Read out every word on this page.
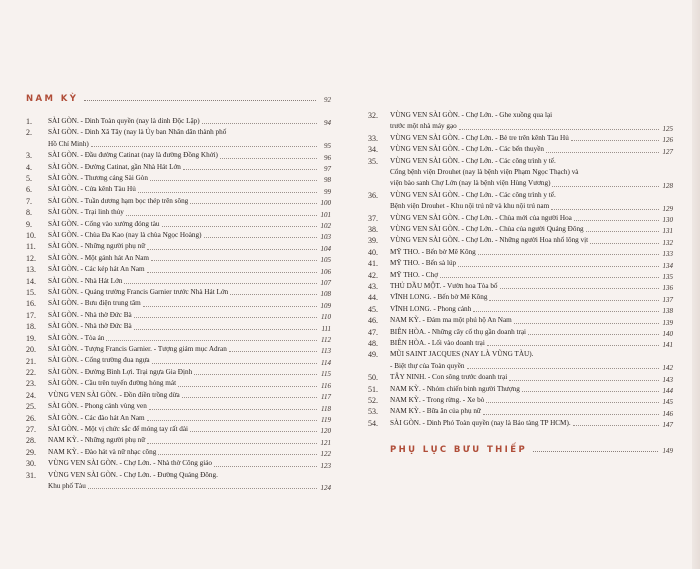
NAM KỲ	92
1.	SÀI GÒN. - Dinh Toàn quyền (nay là dinh Độc Lập)	94
2.	SÀI GÒN. - Dinh Xã Tây (nay là Ủy ban Nhân dân thành phố
Hồ Chí Minh)	95
3.	SÀI GÒN. - Đầu đường Catinat (nay là đường Đồng Khởi)	96
4.	SÀI GÒN. - Đường Catinat, gần Nhà Hát Lớn	97
5.	SÀI GÒN. - Thương cảng Sài Gòn	98
6.	SÀI GÒN. - Cửa kênh Tàu Hủ	99
7.	SÀI GÒN. - Tuần dương hạm bọc thép trên sông	100
8.	SÀI GÒN. - Trại linh thủy	101
9.	SÀI GÒN. - Cổng vào xưởng đóng tàu	102
10.	SÀI GÒN. - Chùa Đa Kao (nay là chùa Ngọc Hoàng)	103
11.	SÀI GÒN. - Những người phụ nữ	104
12.	SÀI GÒN. - Một gánh hát An Nam	105
13.	SÀI GÒN. - Các kép hát An Nam	106
14.	SÀI GÒN. - Nhà Hát Lớn	107
15.	SÀI GÒN. - Quảng trường Francis Garnier trước Nhà Hát Lớn	108
16.	SÀI GÒN. - Bưu điện trung tâm	109
17.	SÀI GÒN. - Nhà thờ Đức Bà	110
18.	SÀI GÒN. - Nhà thờ Đức Bà	111
19.	SÀI GÒN. - Tòa án	112
20.	SÀI GÒN. - Tượng Francis Garnier. - Tượng giám mục Adran	113
21.	SÀI GÒN. - Cổng trường đua ngựa	114
22.	SÀI GÒN. - Đường Bình Lợi. Trại ngựa Gia Định	115
23.	SÀI GÒN. - Cầu trên tuyến đường hỏng mát	116
24.	VÙNG VEN SÀI GÒN. - Đồn điền trồng dừa	117
25.	SÀI GÒN. - Phong cảnh vùng ven	118
26.	SÀI GÒN. - Các đào hát An Nam	119
27.	SÀI GÒN. - Một vị chức sắc để móng tay rất dài	120
28.	NAM KỲ. - Những người phụ nữ	121
29.	NAM KỲ. - Đào hát và nữ nhạc công	122
30.	VÙNG VEN SÀI GÒN. - Chợ Lớn. - Nhà thờ Công giáo	123
31.	VÙNG VEN SÀI GÒN. - Chợ Lớn. - Đường Quảng Đông.
Khu phố Tàu	124
32.	VÙNG VEN SÀI GÒN. - Chợ Lớn. - Ghe xuồng qua lại
trước một nhà máy gạo	125
33.	VÙNG VEN SÀI GÒN. - Chợ Lớn. - Bè tre trên kênh Tàu Hủ	126
34.	VÙNG VEN SÀI GÒN. - Chợ Lớn. - Các bến thuyền	127
35.	VÙNG VEN SÀI GÒN. - Chợ Lớn. - Các công trình y tế.
Cổng bệnh viện Drouhet (nay là bệnh viện Phạm Ngọc Thạch) và
viện bào sanh Chợ Lớn (nay là bệnh viện Hùng Vương)	128
36.	VÙNG VEN SÀI GÒN. - Chợ Lớn. - Các công trình y tế.
Bệnh viện Drouhet - Khu nội trú nữ và khu nội trú nam	129
37.	VÙNG VEN SÀI GÒN. - Chợ Lớn. - Chùa mới của người Hoa	130
38.	VÙNG VEN SÀI GÒN. - Chợ Lớn. - Chùa của người Quảng Đông	131
39.	VÙNG VEN SÀI GÒN. - Chợ Lớn. - Những người Hoa nhổ lông vịt	132
40.	MỸ THO. - Bến bờ Mê Kông	133
41.	MỸ THO. - Bến sà lúp	134
42.	MỸ THO. - Chợ	135
43.	THỦ DẦU MỘT. - Vườn hoa Tòa bố	136
44.	VĨNH LONG. - Bến bờ Mê Kông	137
45.	VĨNH LONG. - Phong cảnh	138
46.	NAM KỲ. - Đám ma một phú hộ An Nam	139
47.	BIÊN HÒA. - Những cây cổ thụ gần doanh trại	140
48.	BIÊN HÒA. - Lối vào doanh trại	141
49.	MŨI SAINT JACQUES (NAY LÀ VŨNG TÀU).
- Biệt thự của Toàn quyền	142
50.	TÂY NINH. - Con sông trước doanh trại	143
51.	NAM KỲ. - Nhóm chiến binh người Thượng	144
52.	NAM KỲ. - Trong rừng. - Xe bò	145
53.	NAM KỲ. - Bữa ăn của phụ nữ	146
54.	SÀI GÒN. - Dinh Phó Toàn quyền (nay là Bảo tàng TP HCM).	147
PHỤ LỤC BƯU THIẾP	149
